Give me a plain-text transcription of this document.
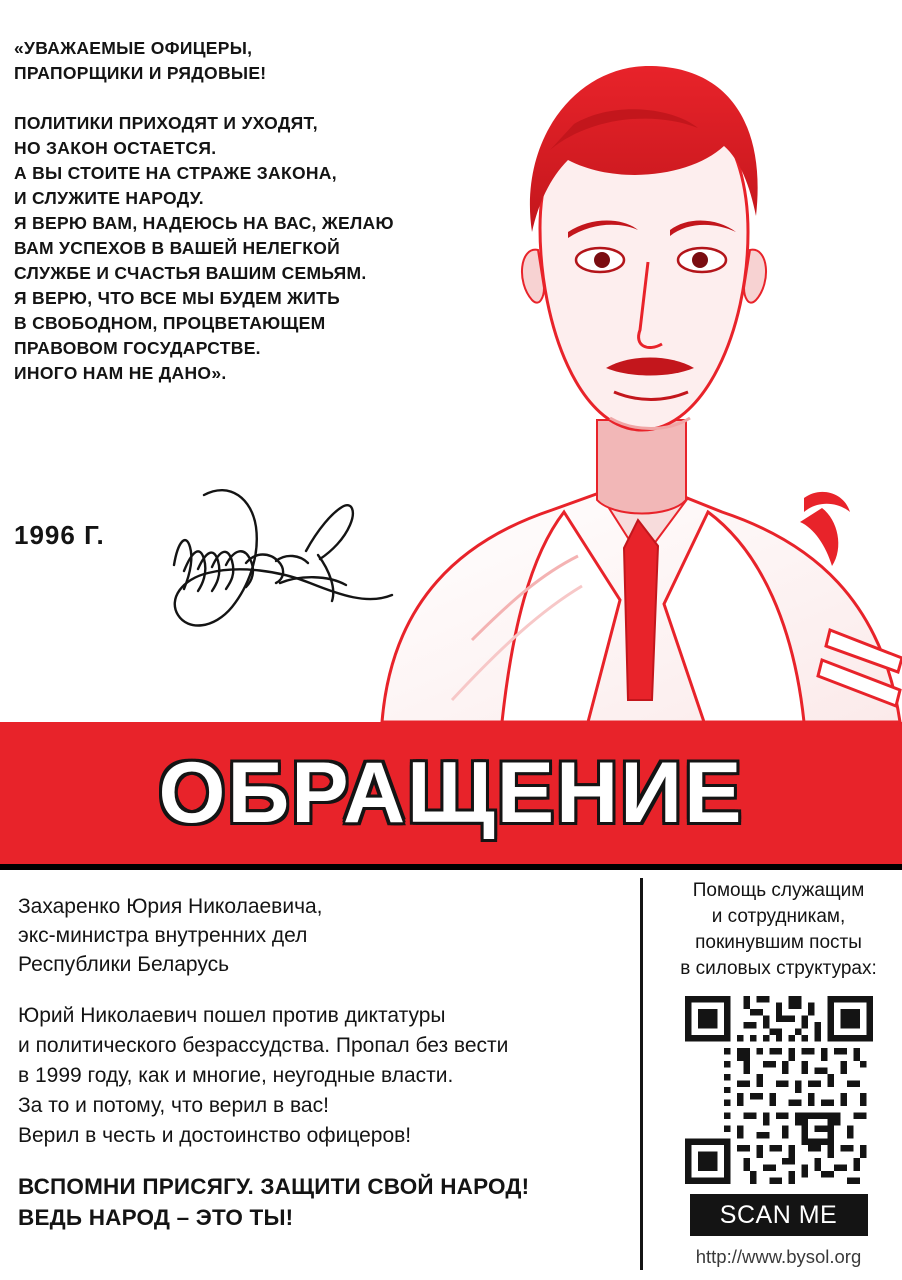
«УВАЖАЕМЫЕ ОФИЦЕРЫ,
ПРАПОРЩИКИ И РЯДОВЫЕ!
ПОЛИТИКИ ПРИХОДЯТ И УХОДЯТ,
НО ЗАКОН ОСТАЕТСЯ.
А ВЫ СТОИТЕ НА СТРАЖЕ ЗАКОНА,
И СЛУЖИТЕ НАРОДУ.
Я ВЕРЮ ВАМ, НАДЕЮСЬ НА ВАС, ЖЕЛАЮ
ВАМ УСПЕХОВ В ВАШЕЙ НЕЛЕГКОЙ
СЛУЖБЕ И СЧАСТЬЯ ВАШИМ СЕМЬЯМ.
Я ВЕРЮ, ЧТО ВСЕ МЫ БУДЕМ ЖИТЬ
В СВОБОДНОМ, ПРОЦВЕТАЮЩЕМ
ПРАВОВОМ ГОСУДАРСТВЕ.
ИНОГО НАМ НЕ ДАНО».
1996 Г.
ОБРАЩЕНИЕ
Захаренко Юрия Николаевича,
экс-министра внутренних дел
Республики Беларусь
Юрий Николаевич пошел против диктатуры
и политического безрассудства. Пропал без вести
в 1999 году, как и многие, неугодные власти.
За то и потому, что верил в вас!
Верил в честь и достоинство офицеров!
ВСПОМНИ ПРИСЯГУ. ЗАЩИТИ СВОЙ НАРОД!
ВЕДЬ НАРОД – ЭТО ТЫ!
Помощь служащим
и сотрудникам,
покинувшим посты
в силовых структурах:
SCAN ME
http://www.bysol.org
